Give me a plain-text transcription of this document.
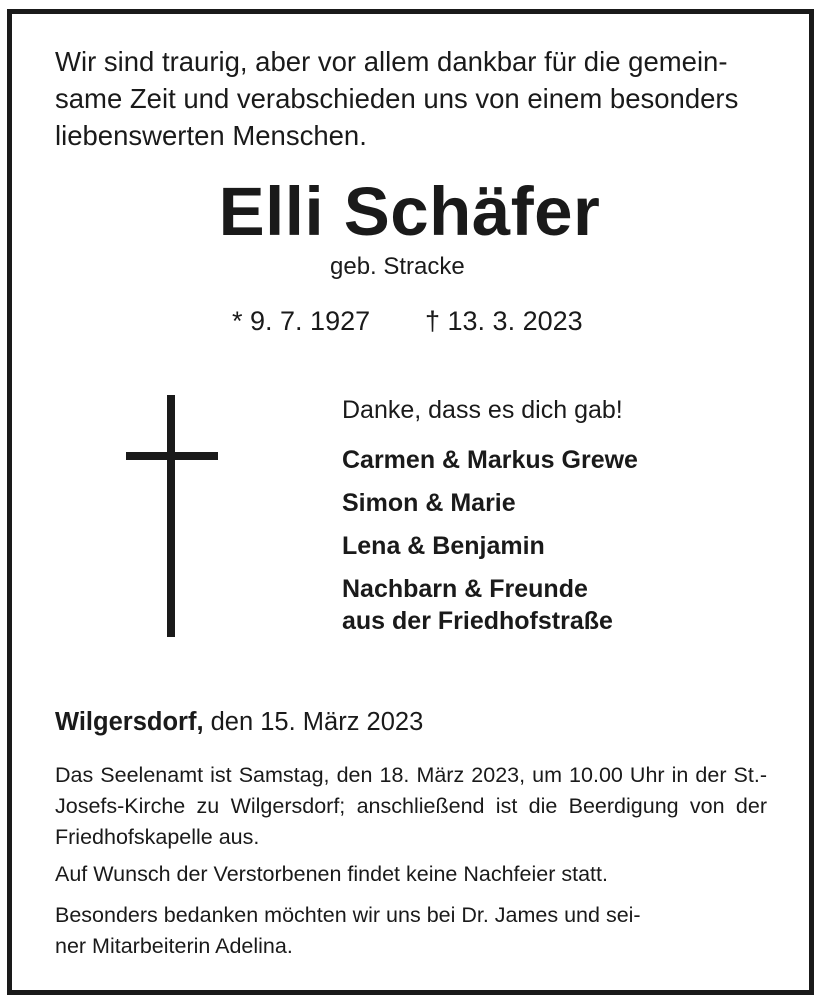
Wir sind traurig, aber vor allem dankbar für die gemein-
same Zeit und verabschieden uns von einem besonders
liebenswerten Menschen.

Elli Schäfer
geb. Stracke
* 9. 7. 1927 † 13. 3. 2023
Danke, dass es dich gab!
Carmen & Markus Grewe
Simon & Marie
Lena & Benjamin
Nachbarn & Freunde
aus der Friedhofstraße
Wilgersdorf, den 15. März 2023

Das Seelenamt ist Samstag, den 18. März 2023, um 10.00 Uhr in der St.-Josefs-Kirche zu Wilgersdorf; anschließend ist die Beerdigung von der Friedhofskapelle aus.

Auf Wunsch der Verstorbenen findet keine Nachfeier statt.

Besonders bedanken möchten wir uns bei Dr. James und sei-
ner Mitarbeiterin Adelina.
